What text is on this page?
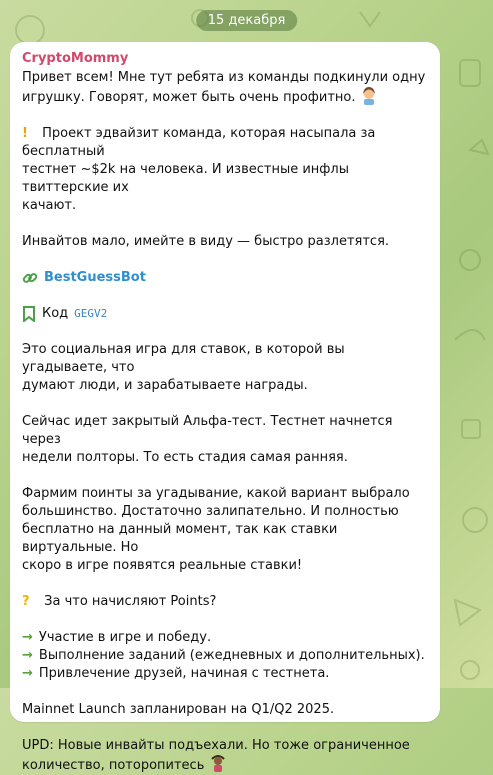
15 декабря
CryptoMommy
Привет всем! Мне тут ребята из команды подкинули одну
игрушку. Говорят, может быть очень профитно.
! Проект эдвайзит команда, которая насыпала за бесплатный
тестнет ~$2k на человека. И известные инфлы твиттерские их
качают.
Инвайтов мало, имейте в виду — быстро разлетятся.
BestGuessBot
Код GEGV2
Это социальная игра для ставок, в которой вы угадываете, что
думают люди, и зарабатываете награды.
Сейчас идет закрытый Альфа-тест. Тестнет начнется через
недели полторы. То есть стадия самая ранняя.
Фармим поинты за угадывание, какой вариант выбрало
большинство. Достаточно залипательно. И полностью
бесплатно на данный момент, так как ставки виртуальные. Но
скоро в игре появятся реальные ставки!
? За что начисляют Points?
→ Участие в игре и победу.
→ Выполнение заданий (ежедневных и дополнительных).
→ Привлечение друзей, начиная с тестнета.
Mainnet Launch запланирован на Q1/Q2 2025.
UPD: Новые инвайты подъехали. Но тоже ограниченное
количество, поторопитесь
